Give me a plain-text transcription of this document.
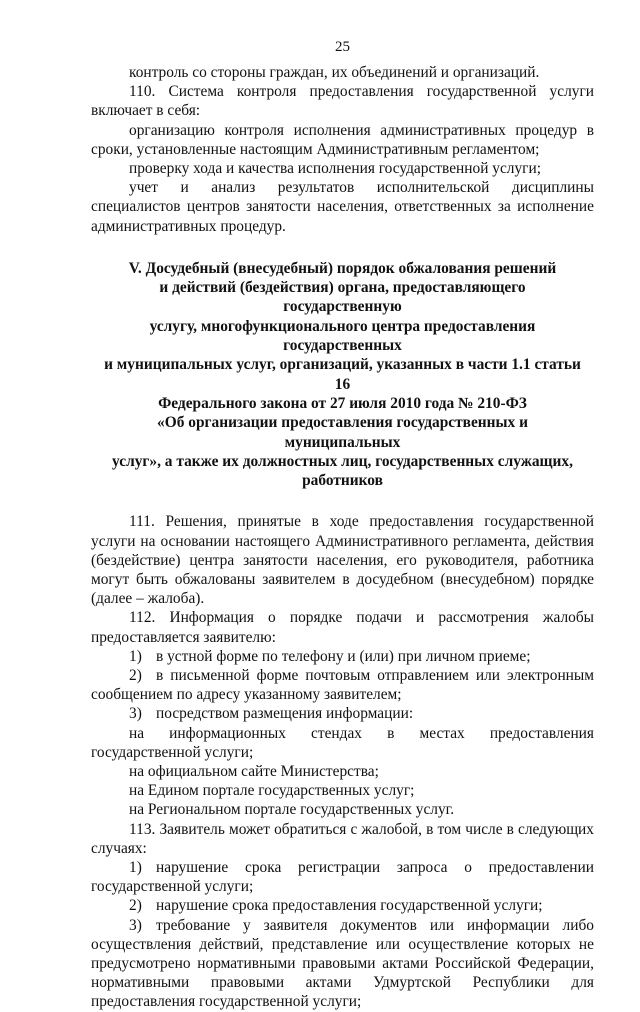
25

контроль со стороны граждан, их объединений и организаций.

110. Система контроля предоставления государственной услуги включает в себя:

организацию контроля исполнения административных процедур в сроки, установленные настоящим Административным регламентом;

проверку хода и качества исполнения государственной услуги;

учет и анализ результатов исполнительской дисциплины специалистов центров занятости населения, ответственных за исполнение административных процедур.

V. Досудебный (внесудебный) порядок обжалования решений
и действий (бездействия) органа, предоставляющего государственную
услугу, многофункционального центра предоставления государственных
и муниципальных услуг, организаций, указанных в части 1.1 статьи 16
Федерального закона от 27 июля 2010 года № 210-ФЗ
«Об организации предоставления государственных и муниципальных
услуг», а также их должностных лиц, государственных служащих,
работников

111. Решения, принятые в ходе предоставления государственной услуги на основании настоящего Административного регламента, действия (бездействие) центра занятости населения, его руководителя, работника могут быть обжалованы заявителем в досудебном (внесудебном) порядке (далее – жалоба).

112. Информация о порядке подачи и рассмотрения жалобы предоставляется заявителю:

1) в устной форме по телефону и (или) при личном приеме;

2) в письменной форме почтовым отправлением или электронным сообщением по адресу указанному заявителем;

3) посредством размещения информации:

на информационных стендах в местах предоставления государственной услуги;

на официальном сайте Министерства;

на Едином портале государственных услуг;

на Региональном портале государственных услуг.

113. Заявитель может обратиться с жалобой, в том числе в следующих случаях:

1) нарушение срока регистрации запроса о предоставлении государственной услуги;

2) нарушение срока предоставления государственной услуги;

3) требование у заявителя документов или информации либо осуществления действий, представление или осуществление которых не предусмотрено нормативными правовыми актами Российской Федерации, нормативными правовыми актами Удмуртской Республики для предоставления государственной услуги;
